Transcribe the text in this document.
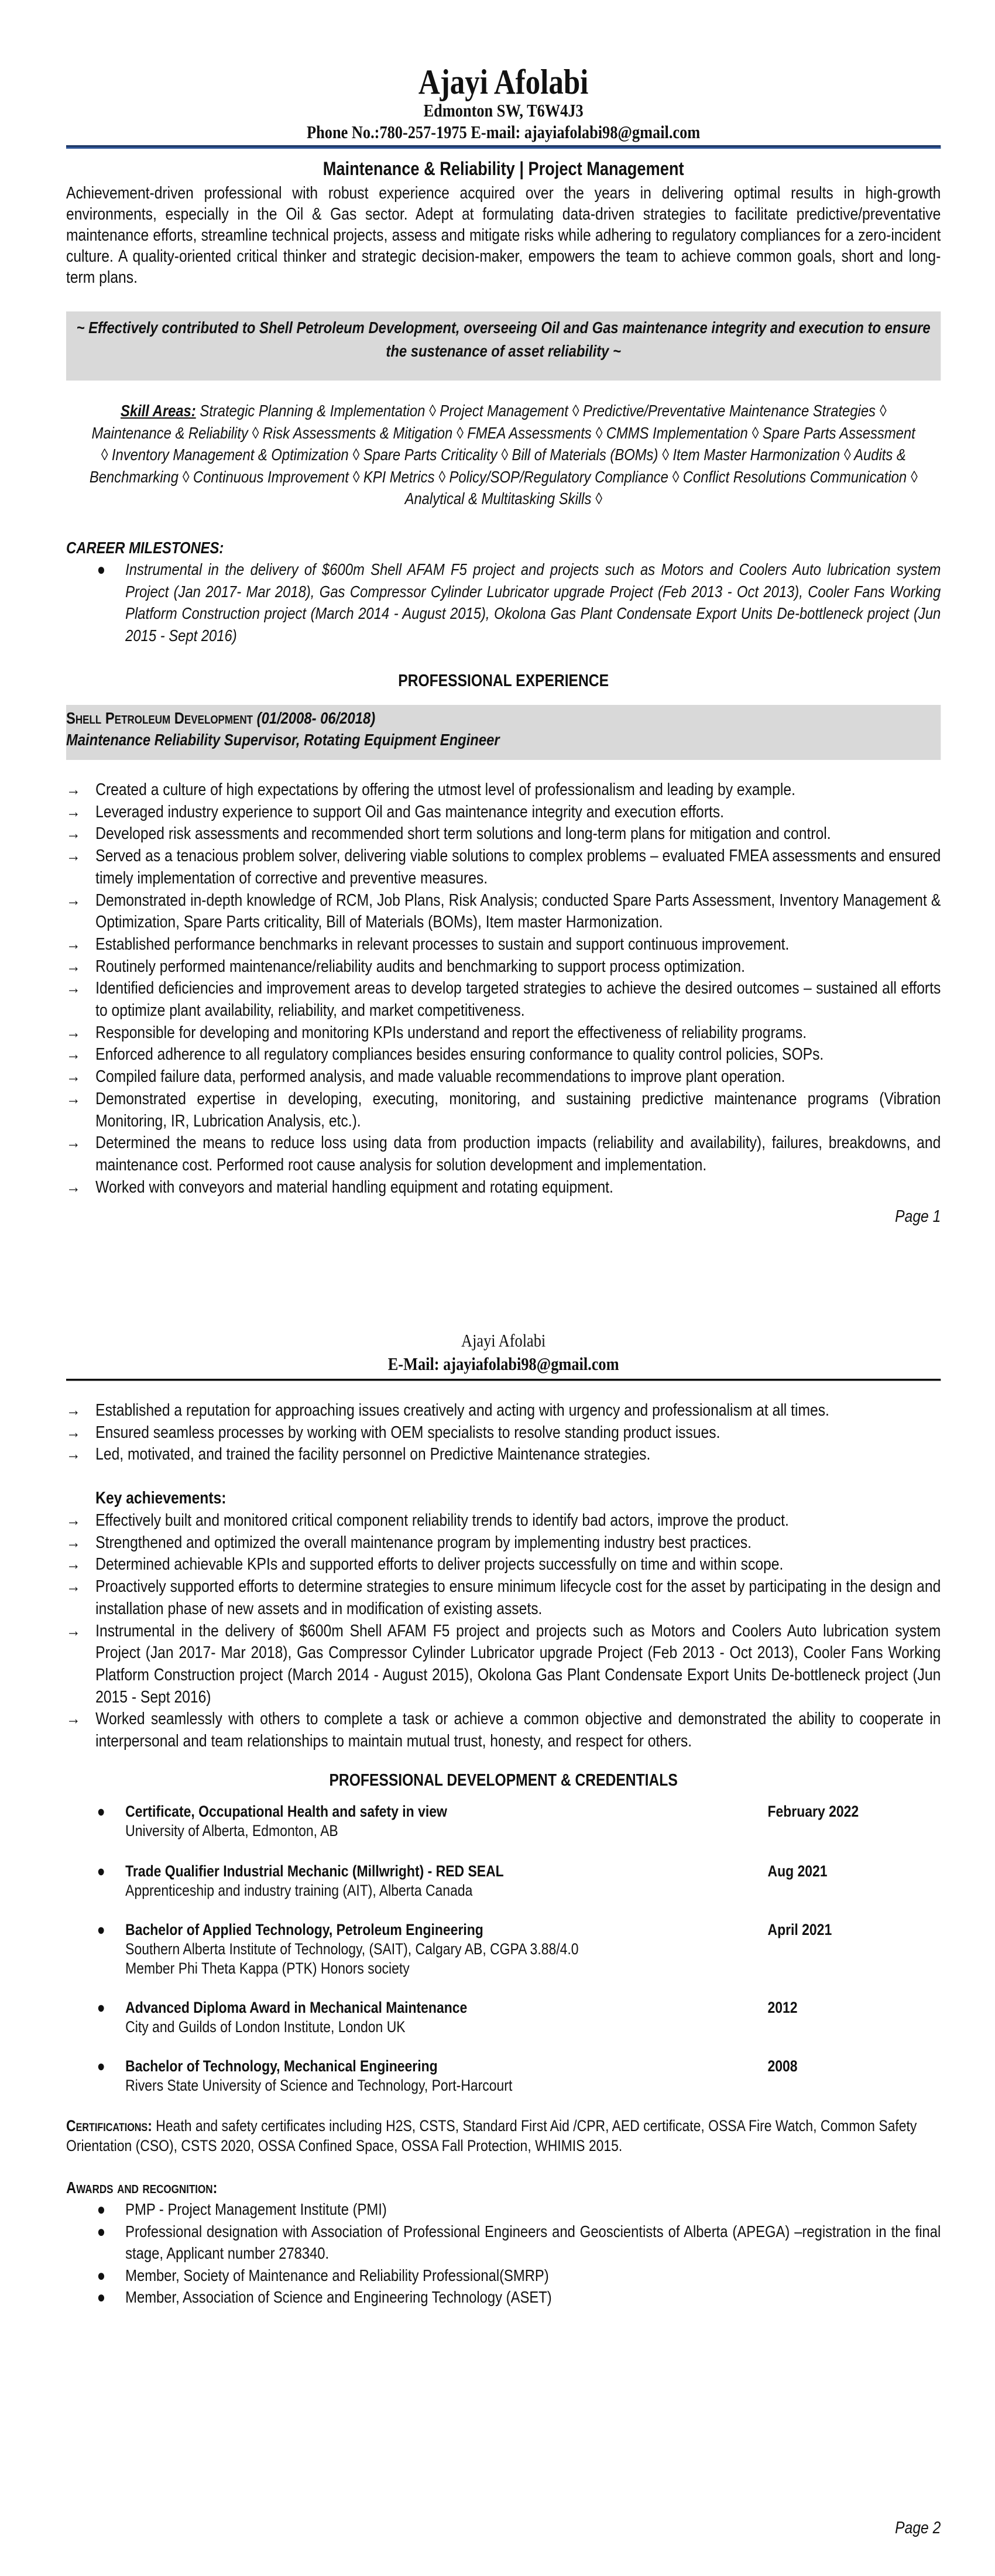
Ajayi Afolabi
Edmonton SW, T6W4J3
Phone No.:780-257-1975 E-mail: ajayiafolabi98@gmail.com
Maintenance & Reliability | Project Management
Achievement-driven professional with robust experience acquired over the years in delivering optimal results in high-growth environments, especially in the Oil & Gas sector. Adept at formulating data-driven strategies to facilitate predictive/preventative maintenance efforts, streamline technical projects, assess and mitigate risks while adhering to regulatory compliances for a zero-incident culture. A quality-oriented critical thinker and strategic decision-maker, empowers the team to achieve common goals, short and long-term plans.
~ Effectively contributed to Shell Petroleum Development, overseeing Oil and Gas maintenance integrity and execution to ensure the sustenance of asset reliability ~
Skill Areas: Strategic Planning & Implementation ◊ Project Management ◊ Predictive/Preventative Maintenance Strategies ◊ Maintenance & Reliability ◊ Risk Assessments & Mitigation ◊ FMEA Assessments ◊ CMMS Implementation ◊ Spare Parts Assessment ◊ Inventory Management & Optimization ◊ Spare Parts Criticality ◊ Bill of Materials (BOMs) ◊ Item Master Harmonization ◊ Audits & Benchmarking ◊ Continuous Improvement ◊ KPI Metrics ◊ Policy/SOP/Regulatory Compliance ◊ Conflict Resolutions Communication ◊ Analytical & Multitasking Skills ◊
CAREER MILESTONES:
● Instrumental in the delivery of $600m Shell AFAM F5 project and projects such as Motors and Coolers Auto lubrication system Project (Jan 2017- Mar 2018), Gas Compressor Cylinder Lubricator upgrade Project (Feb 2013 - Oct 2013), Cooler Fans Working Platform Construction project (March 2014 - August 2015), Okolona Gas Plant Condensate Export Units De-bottleneck project (Jun 2015 - Sept 2016)
PROFESSIONAL EXPERIENCE
Shell Petroleum Development (01/2008- 06/2018)
Maintenance Reliability Supervisor, Rotating Equipment Engineer
→ Created a culture of high expectations by offering the utmost level of professionalism and leading by example.
→ Leveraged industry experience to support Oil and Gas maintenance integrity and execution efforts.
→ Developed risk assessments and recommended short term solutions and long-term plans for mitigation and control.
→ Served as a tenacious problem solver, delivering viable solutions to complex problems – evaluated FMEA assessments and ensured timely implementation of corrective and preventive measures.
→ Demonstrated in-depth knowledge of RCM, Job Plans, Risk Analysis; conducted Spare Parts Assessment, Inventory Management & Optimization, Spare Parts criticality, Bill of Materials (BOMs), Item master Harmonization.
→ Established performance benchmarks in relevant processes to sustain and support continuous improvement.
→ Routinely performed maintenance/reliability audits and benchmarking to support process optimization.
→ Identified deficiencies and improvement areas to develop targeted strategies to achieve the desired outcomes – sustained all efforts to optimize plant availability, reliability, and market competitiveness.
→ Responsible for developing and monitoring KPIs understand and report the effectiveness of reliability programs.
→ Enforced adherence to all regulatory compliances besides ensuring conformance to quality control policies, SOPs.
→ Compiled failure data, performed analysis, and made valuable recommendations to improve plant operation.
→ Demonstrated expertise in developing, executing, monitoring, and sustaining predictive maintenance programs (Vibration Monitoring, IR, Lubrication Analysis, etc.).
→ Determined the means to reduce loss using data from production impacts (reliability and availability), failures, breakdowns, and maintenance cost. Performed root cause analysis for solution development and implementation.
→ Worked with conveyors and material handling equipment and rotating equipment.
Page 1
Ajayi Afolabi
E-Mail: ajayiafolabi98@gmail.com
→ Established a reputation for approaching issues creatively and acting with urgency and professionalism at all times.
→ Ensured seamless processes by working with OEM specialists to resolve standing product issues.
→ Led, motivated, and trained the facility personnel on Predictive Maintenance strategies.
Key achievements:
→ Effectively built and monitored critical component reliability trends to identify bad actors, improve the product.
→ Strengthened and optimized the overall maintenance program by implementing industry best practices.
→ Determined achievable KPIs and supported efforts to deliver projects successfully on time and within scope.
→ Proactively supported efforts to determine strategies to ensure minimum lifecycle cost for the asset by participating in the design and installation phase of new assets and in modification of existing assets.
→ Instrumental in the delivery of $600m Shell AFAM F5 project and projects such as Motors and Coolers Auto lubrication system Project (Jan 2017- Mar 2018), Gas Compressor Cylinder Lubricator upgrade Project (Feb 2013 - Oct 2013), Cooler Fans Working Platform Construction project (March 2014 - August 2015), Okolona Gas Plant Condensate Export Units De-bottleneck project (Jun 2015 - Sept 2016)
→ Worked seamlessly with others to complete a task or achieve a common objective and demonstrated the ability to cooperate in interpersonal and team relationships to maintain mutual trust, honesty, and respect for others.
PROFESSIONAL DEVELOPMENT & CREDENTIALS
● Certificate, Occupational Health and safety in view	February 2022
University of Alberta, Edmonton, AB
● Trade Qualifier Industrial Mechanic (Millwright) - RED SEAL	Aug 2021
Apprenticeship and industry training (AIT), Alberta Canada
● Bachelor of Applied Technology, Petroleum Engineering	April 2021
Southern Alberta Institute of Technology, (SAIT), Calgary AB, CGPA 3.88/4.0
Member Phi Theta Kappa (PTK) Honors society
● Advanced Diploma Award in Mechanical Maintenance	2012
City and Guilds of London Institute, London UK
● Bachelor of Technology, Mechanical Engineering	2008
Rivers State University of Science and Technology, Port-Harcourt
Certifications: Heath and safety certificates including H2S, CSTS, Standard First Aid /CPR, AED certificate, OSSA Fire Watch, Common Safety Orientation (CSO), CSTS 2020, OSSA Confined Space, OSSA Fall Protection, WHIMIS 2015.
Awards and recognition:
● PMP - Project Management Institute (PMI)
● Professional designation with Association of Professional Engineers and Geoscientists of Alberta (APEGA) –registration in the final stage, Applicant number 278340.
● Member, Society of Maintenance and Reliability Professional(SMRP)
● Member, Association of Science and Engineering Technology (ASET)
Page 2
